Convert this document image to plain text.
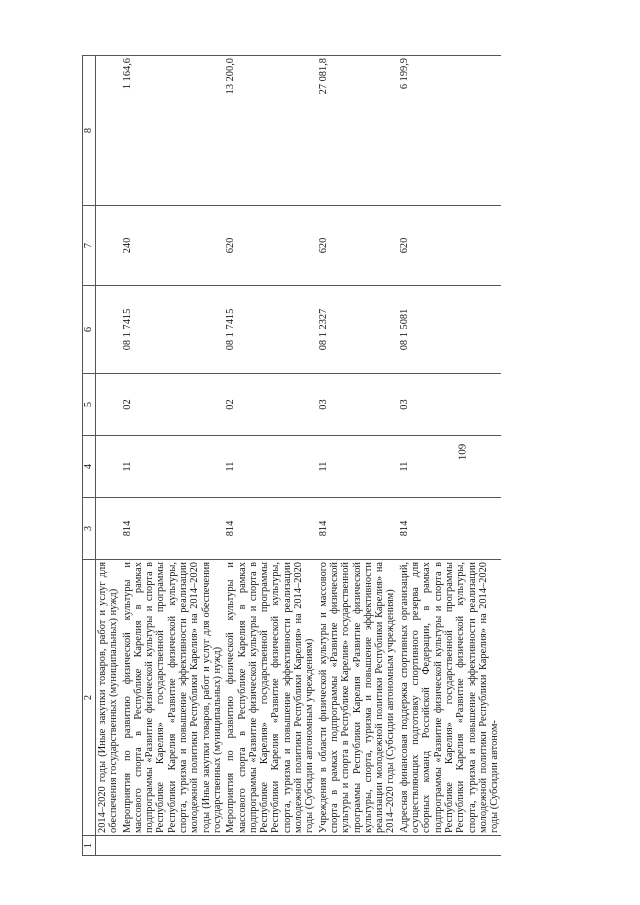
109
1	2	3	4	5	6	7	8
	2014–2020 годы (Иные закупки товаров, работ и услуг для обеспечения государственных (муниципальных) нужд)						
	Мероприятия по развитию физической культуры и массового спорта в Республике Карелия в рамках подпрограммы «Развитие физической культуры и спорта в Республике Карелия» государственной программы Республики Карелия «Развитие физической культуры, спорта, туризма и повышение эффективности реализации молодежной политики Республики Карелия» на 2014–2020 годы (Иные закупки товаров, работ и услуг для обеспечения государственных (муниципальных) нужд)	814	11	02	08 1 7415	240	1 164,6
	Мероприятия по развитию физической культуры и массового спорта в Республике Карелия в рамках подпрограммы «Развитие физической культуры и спорта в Республике Карелия» государственной программы Республики Карелия «Развитие физической культуры, спорта, туризма и повышение эффективности реализации молодежной политики Республики Карелия» на 2014–2020 годы (Субсидии автономным учреждениям)	814	11	02	08 1 7415	620	13 200,0
	Учреждения в области физической культуры и массового спорта в рамках подпрограммы «Развитие физической культуры и спорта в Республике Карелия» государственной программы Республики Карелия «Развитие физической культуры, спорта, туризма и повышение эффективности реализации молодежной политики Республики Карелия» на 2014–2020 годы (Субсидии автономным учреждениям)	814	11	03	08 1 2327	620	27 081,8
	Адресная финансовая поддержка спортивных организаций, осуществляющих подготовку спортивного резерва для сборных команд Российской Федерации, в рамках подпрограммы «Развитие физической культуры и спорта в Республике Карелия» государственной программы Республики Карелия «Развитие физической культуры, спорта, туризма и повышение эффективности реализации молодежной политики Республики Карелия» на 2014–2020 годы (Субсидии автоном-	814	11	03	08 1 5081	620	6 199,9
